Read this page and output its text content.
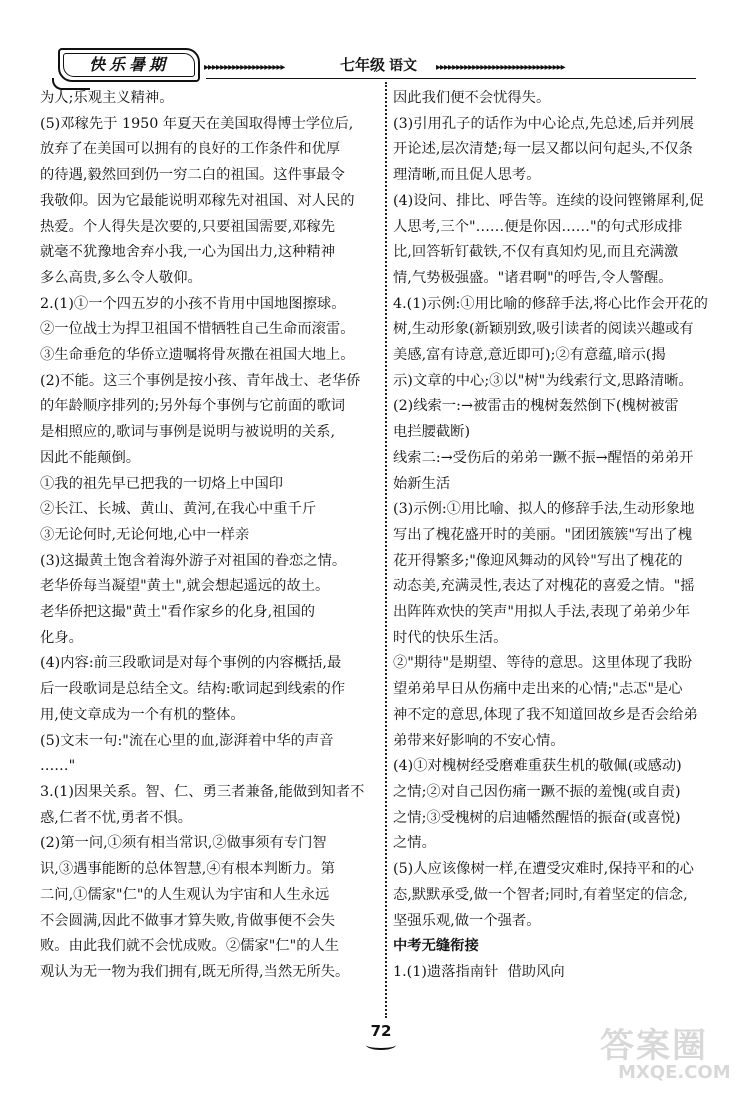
快乐暑期	▸▸▸▸▸▸▸▸▸▸▸▸▸▸▸▸▸▸▸▸	七年级 语文 ▸▸▸▸▸▸▸▸▸▸▸▸▸▸▸▸▸▸▸▸▸▸▸▸▸▸▸▸▸▸▸▸
为人;乐观主义精神。
(5)邓稼先于 1950 年夏天在美国取得博士学位后,
放弃了在美国可以拥有的良好的工作条件和优厚
的待遇,毅然回到仍一穷二白的祖国。这件事最令
我敬仰。因为它最能说明邓稼先对祖国、对人民的
热爱。个人得失是次要的,只要祖国需要,邓稼先
就毫不犹豫地舍弃小我,一心为国出力,这种精神
多么高贵,多么令人敬仰。
2.(1)①一个四五岁的小孩不肯用中国地图擦球。
②一位战士为捍卫祖国不惜牺牲自己生命而滚雷。
③生命垂危的华侨立遗嘱将骨灰撒在祖国大地上。
(2)不能。这三个事例是按小孩、青年战士、老华侨
的年龄顺序排列的;另外每个事例与它前面的歌词
是相照应的,歌词与事例是说明与被说明的关系,
因此不能颠倒。
①我的祖先早已把我的一切烙上中国印
②长江、长城、黄山、黄河,在我心中重千斤
③无论何时,无论何地,心中一样亲
(3)这撮黄土饱含着海外游子对祖国的眷恋之情。
老华侨每当凝望"黄土",就会想起遥远的故土。
老华侨把这撮"黄土"看作家乡的化身,祖国的
化身。
(4)内容:前三段歌词是对每个事例的内容概括,最
后一段歌词是总结全文。结构:歌词起到线索的作
用,使文章成为一个有机的整体。
(5)文末一句:"流在心里的血,澎湃着中华的声音
……"
3.(1)因果关系。智、仁、勇三者兼备,能做到知者不
惑,仁者不忧,勇者不惧。
(2)第一问,①须有相当常识,②做事须有专门智
识,③遇事能断的总体智慧,④有根本判断力。第
二问,①儒家"仁"的人生观认为宇宙和人生永远
不会圆满,因此不做事才算失败,肯做事便不会失
败。由此我们就不会忧成败。②儒家"仁"的人生
观认为无一物为我们拥有,既无所得,当然无所失。
因此我们便不会忧得失。
(3)引用孔子的话作为中心论点,先总述,后并列展
开论述,层次清楚;每一层又都以问句起头,不仅条
理清晰,而且促人思考。
(4)设问、排比、呼告等。连续的设问铿锵犀利,促
人思考,三个"……便是你因……"的句式形成排
比,回答斩钉截铁,不仅有真知灼见,而且充满激
情,气势极强盛。"诸君啊"的呼告,令人警醒。
4.(1)示例:①用比喻的修辞手法,将心比作会开花的
树,生动形象(新颖别致,吸引读者的阅读兴趣或有
美感,富有诗意,意近即可);②有意蕴,暗示(揭
示)文章的中心;③以"树"为线索行文,思路清晰。
(2)线索一:→被雷击的槐树轰然倒下(槐树被雷
电拦腰截断)
线索二:→受伤后的弟弟一蹶不振→醒悟的弟弟开
始新生活
(3)示例:①用比喻、拟人的修辞手法,生动形象地
写出了槐花盛开时的美丽。"团团簇簇"写出了槐
花开得繁多;"像迎风舞动的风铃"写出了槐花的
动态美,充满灵性,表达了对槐花的喜爱之情。"摇
出阵阵欢快的笑声"用拟人手法,表现了弟弟少年
时代的快乐生活。
②"期待"是期望、等待的意思。这里体现了我盼
望弟弟早日从伤痛中走出来的心情;"忐忑"是心
神不定的意思,体现了我不知道回故乡是否会给弟
弟带来好影响的不安心情。
(4)①对槐树经受磨难重获生机的敬佩(或感动)
之情;②对自己因伤痛一蹶不振的羞愧(或自责)
之情;③受槐树的启迪幡然醒悟的振奋(或喜悦)
之情。
(5)人应该像树一样,在遭受灾难时,保持平和的心
态,默默承受,做一个智者;同时,有着坚定的信念,
坚强乐观,做一个强者。
中考无缝衔接
1.(1)遗落指南针  借助风向
72	答案圈
MXQE.COM
